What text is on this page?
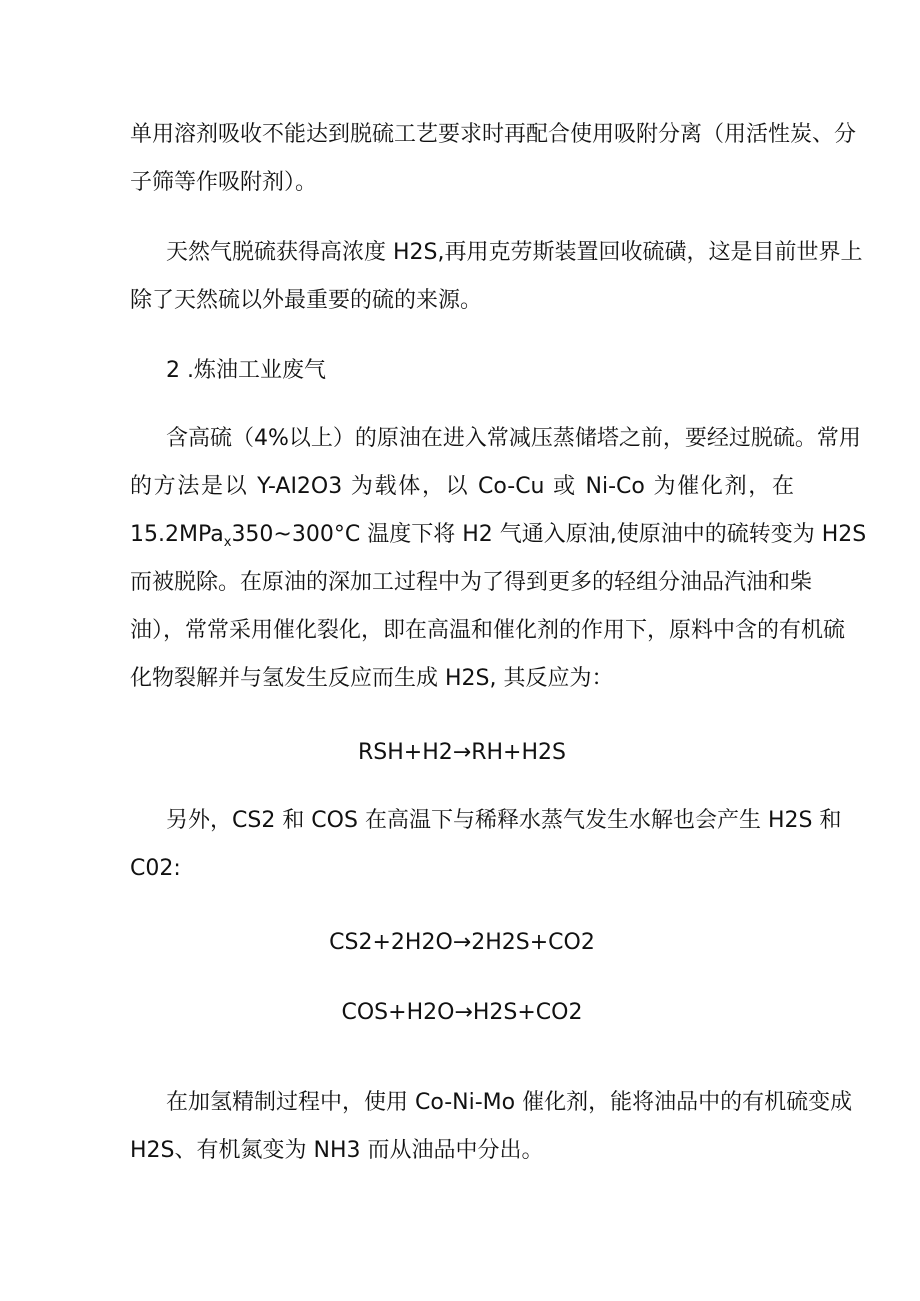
单用溶剂吸收不能达到脱硫工艺要求时再配合使用吸附分离（用活性炭、分
子筛等作吸附剂）。
天然气脱硫获得高浓度 H2S,再用克劳斯装置回收硫磺，这是目前世界上
除了天然硫以外最重要的硫的来源。
2 .炼油工业废气
含高硫（4%以上）的原油在进入常减压蒸储塔之前，要经过脱硫。常用
的方法是以 Y-AI2O3 为载体，以 Co-Cu 或 Ni-Co 为催化剂，在
15.2MPa$_x$350~300°C 温度下将 H2 气通入原油,使原油中的硫转变为 H2S
而被脱除。在原油的深加工过程中为了得到更多的轻组分油品汽油和柴
油），常常采用催化裂化，即在高温和催化剂的作用下，原料中含的有机硫
化物裂解并与氢发生反应而生成 H2S, 其反应为：
RSH+H2→RH+H2S
另外，CS2 和 COS 在高温下与稀释水蒸气发生水解也会产生 H2S 和
C02:
CS2+2H2O→2H2S+CO2
COS+H2O→H2S+CO2
在加氢精制过程中，使用 Co-Ni-Mo 催化剂，能将油品中的有机硫变成
H2S、有机氮变为 NH3 而从油品中分出。
